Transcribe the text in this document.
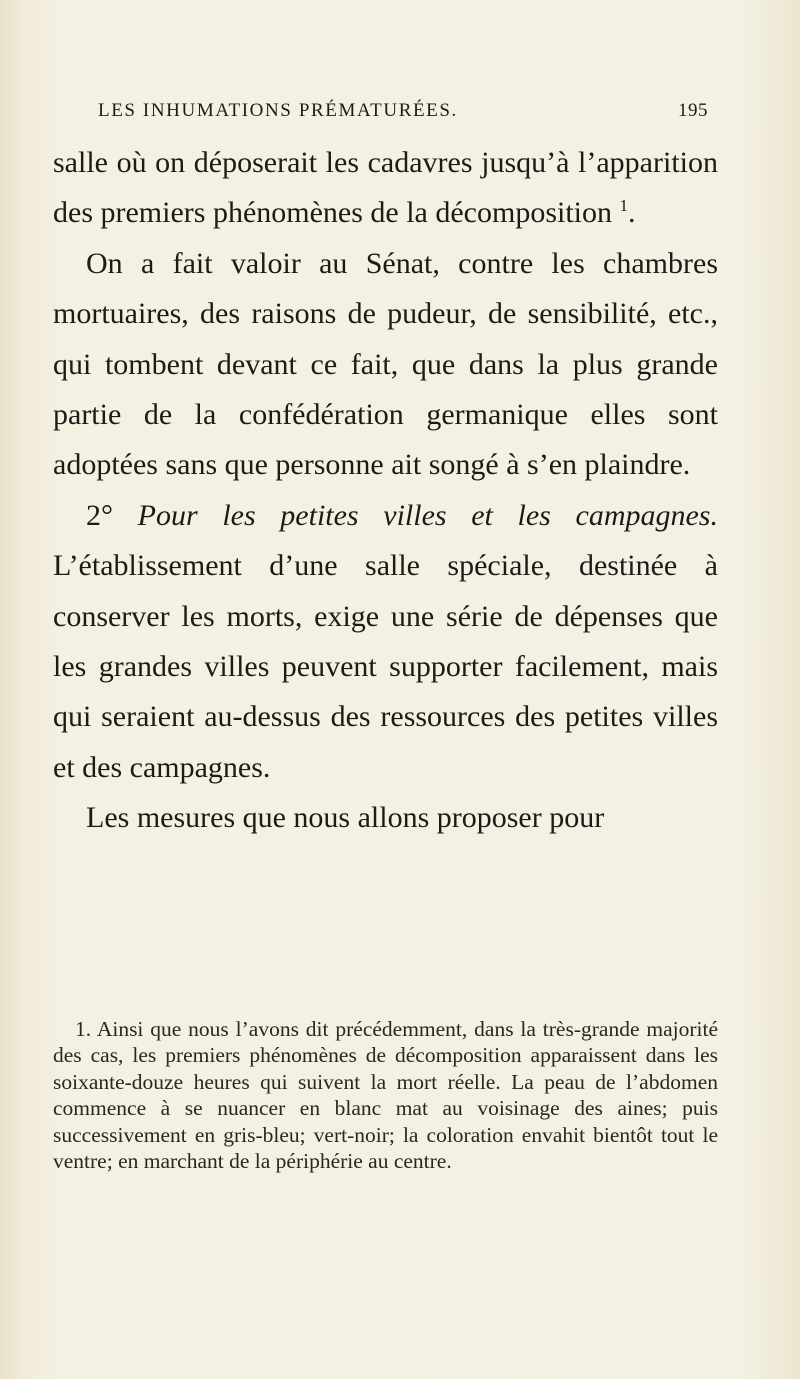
LES INHUMATIONS PRÉMATURÉES.	195

salle où on déposerait les cadavres jusqu’à l’apparition des premiers phénomènes de la décomposition $^1$.

On a fait valoir au Sénat, contre les chambres mortuaires, des raisons de pudeur, de sensibilité, etc., qui tombent devant ce fait, que dans la plus grande partie de la confédération germanique elles sont adoptées sans que personne ait songé à s’en plaindre.

2° Pour les petites villes et les campagnes. L’établissement d’une salle spéciale, destinée à conserver les morts, exige une série de dépenses que les grandes villes peuvent supporter facilement, mais qui seraient au-dessus des ressources des petites villes et des campagnes.

Les mesures que nous allons proposer pour

1. Ainsi que nous l’avons dit précédemment, dans la très-grande majorité des cas, les premiers phénomènes de décomposition apparaissent dans les soixante-douze heures qui suivent la mort réelle. La peau de l’abdomen commence à se nuancer en blanc mat au voisinage des aines; puis successivement en gris-bleu; vert-noir; la coloration envahit bientôt tout le ventre; en marchant de la périphérie au centre.
